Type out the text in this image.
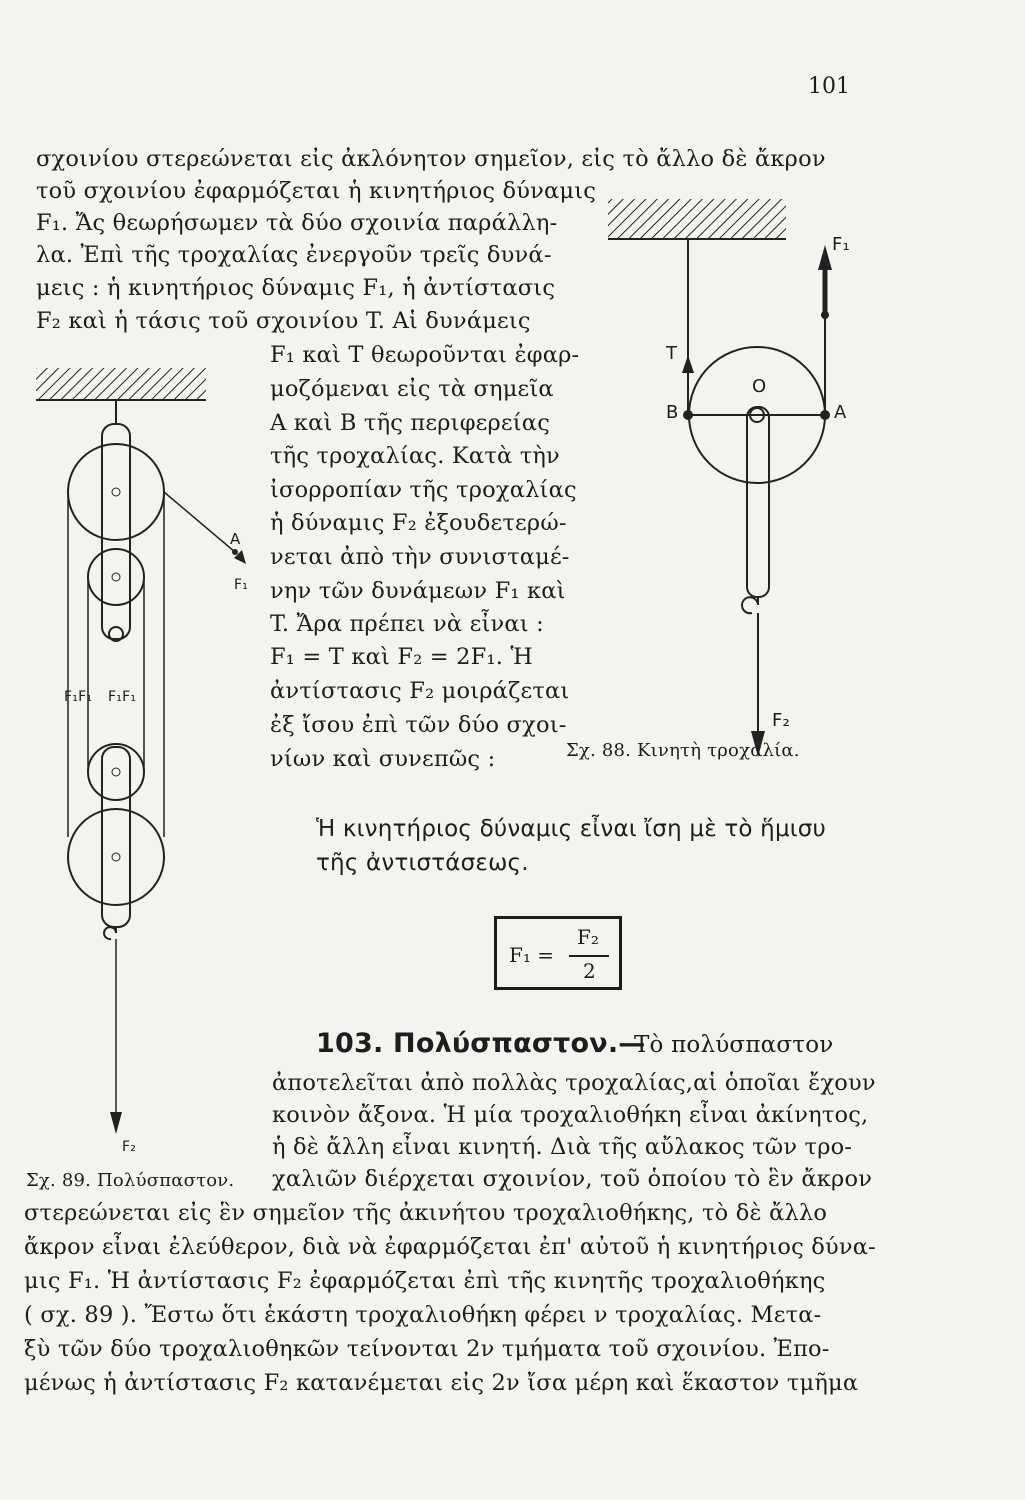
101
σχοινίου στερεώνεται εἰς ἀκλόνητον σημεῖον, εἰς τὸ ἄλλο δὲ ἄκρον
τοῦ σχοινίου ἐφαρμόζεται ἡ κινητήριος δύναμις
F₁. Ἄς θεωρήσωμεν τὰ δύο σχοινία παράλλη-
λα. Ἐπὶ τῆς τροχαλίας ἐνεργοῦν τρεῖς δυνά-
μεις : ἡ κινητήριος δύναμις F₁, ἡ ἀντίστασις
F₂ καὶ ἡ τάσις τοῦ σχοινίου T. Αἱ δυνάμεις
F₁ καὶ T θεωροῦνται ἐφαρ-
μοζόμεναι εἰς τὰ σημεῖα
A καὶ B τῆς περιφερείας
τῆς τροχαλίας. Κατὰ τὴν
ἰσορροπίαν τῆς τροχαλίας
ἡ δύναμις F₂ ἐξουδετερώ-
νεται ἀπὸ τὴν συνισταμέ-
νην τῶν δυνάμεων F₁ καὶ
T. Ἄρα πρέπει νὰ εἶναι :
F₁ = T καὶ F₂ = 2F₁. Ἡ
ἀντίστασις F₂ μοιράζεται
ἐξ ἴσου ἐπὶ τῶν δύο σχοι-
νίων καὶ συνεπῶς :
Ἡ κινητήριος δύναμις εἶναι ἴση μὲ τὸ ἥμισυ
τῆς ἀντιστάσεως.
F₁ =
F₂
2
F₁
T
O
B	A
F₂
Σχ. 88. Κινητὴ τροχαλία.
A
F₁
F₁F₁ F₁F₁
F₂
103. Πολύσπαστον.—
Τὸ πολύσπαστον
ἀποτελεῖται ἀπὸ πολλὰς τροχαλίας,αἱ ὁποῖαι ἔχουν
κοινὸν ἄξονα. Ἡ μία τροχαλιοθήκη εἶναι ἀκίνητος,
ἡ δὲ ἄλλη εἶναι κινητή. Διὰ τῆς αὔλακος τῶν τρο-
Σχ. 89. Πολύσπαστον. χαλιῶν διέρχεται σχοινίον, τοῦ ὁποίου τὸ ἓν ἄκρον
στερεώνεται εἰς ἓν σημεῖον τῆς ἀκινήτου τροχαλιοθήκης, τὸ δὲ ἄλλο
ἄκρον εἶναι ἐλεύθερον, διὰ νὰ ἐφαρμόζεται ἐπ' αὐτοῦ ἡ κινητήριος δύνα-
μις F₁. Ἡ ἀντίστασις F₂ ἐφαρμόζεται ἐπὶ τῆς κινητῆς τροχαλιοθήκης
( σχ. 89 ). Ἔστω ὅτι ἑκάστη τροχαλιοθήκη φέρει ν τροχαλίας. Μετα-
ξὺ τῶν δύο τροχαλιοθηκῶν τείνονται 2ν τμήματα τοῦ σχοινίου. Ἐπο-
μένως ἡ ἀντίστασις F₂ κατανέμεται εἰς 2ν ἴσα μέρη καὶ ἕκαστον τμῆμα
